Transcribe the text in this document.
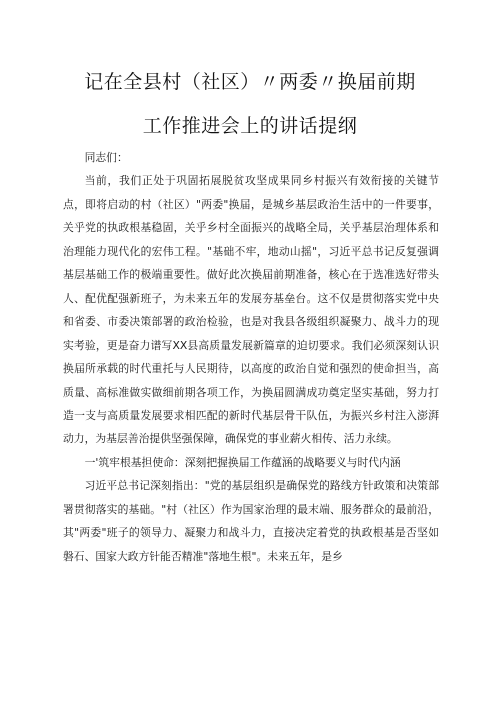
记在全县村（社区）〃两委〃换届前期
工作推进会上的讲话提纲

同志们：

当前，我们正处于巩固拓展脱贫攻坚成果同乡村振兴有效衔接的关键节点，即将启动的村（社区）"两委"换届，是城乡基层政治生活中的一件要事，关乎党的执政根基稳固，关乎乡村全面振兴的战略全局，关乎基层治理体系和治理能力现代化的宏伟工程。"基础不牢，地动山摇"，习近平总书记反复强调基层基础工作的极端重要性。做好此次换届前期准备，核心在于选准选好带头人、配优配强新班子，为未来五年的发展夯基垒台。这不仅是贯彻落实党中央和省委、市委决策部署的政治检验，也是对我县各级组织凝聚力、战斗力的现实考验，更是奋力谱写XX县高质量发展新篇章的迫切要求。我们必须深刻认识换届所承载的时代重托与人民期待，以高度的政治自觉和强烈的使命担当，高质量、高标准做实做细前期各项工作，为换届圆满成功奠定坚实基础，努力打造一支与高质量发展要求相匹配的新时代基层骨干队伍，为振兴乡村注入澎湃动力，为基层善治提供坚强保障，确保党的事业薪火相传、活力永续。

一'筑牢根基担使命：深刻把握换届工作蕴涵的战略要义与时代内涵

习近平总书记深刻指出："党的基层组织是确保党的路线方针政策和决策部署贯彻落实的基础。"村（社区）作为国家治理的最末端、服务群众的最前沿，其"两委"班子的领导力、凝聚力和战斗力，直接决定着党的执政根基是否坚如磐石、国家大政方针能否精准"落地生根"。未来五年，是乡
